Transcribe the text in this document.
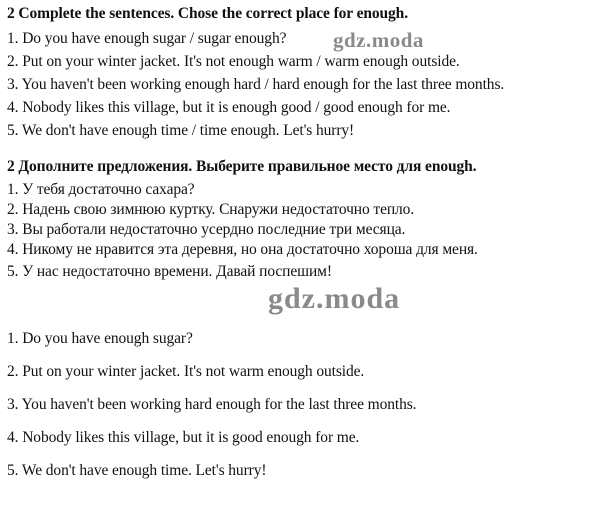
2 Complete the sentences. Chose the correct place for enough.
1. Do you have enough sugar / sugar enough?
2. Put on your winter jacket. It's not enough warm / warm enough outside.
3. You haven't been working enough hard / hard enough for the last three months.
4. Nobody likes this village, but it is enough good / good enough for me.
5. We don't have enough time / time enough. Let's hurry!
2 Дополните предложения. Выберите правильное место для enough.
1. У тебя достаточно сахара?
2. Надень свою зимнюю куртку. Снаружи недостаточно тепло.
3. Вы работали недостаточно усердно последние три месяца.
4. Никому не нравится эта деревня, но она достаточно хороша для меня.
5. У нас недостаточно времени. Давай поспешим!
1. Do you have enough sugar?
2. Put on your winter jacket. It's not warm enough outside.
3. You haven't been working hard enough for the last three months.
4. Nobody likes this village, but it is good enough for me.
5. We don't have enough time. Let's hurry!
gdz.moda
gdz.moda
